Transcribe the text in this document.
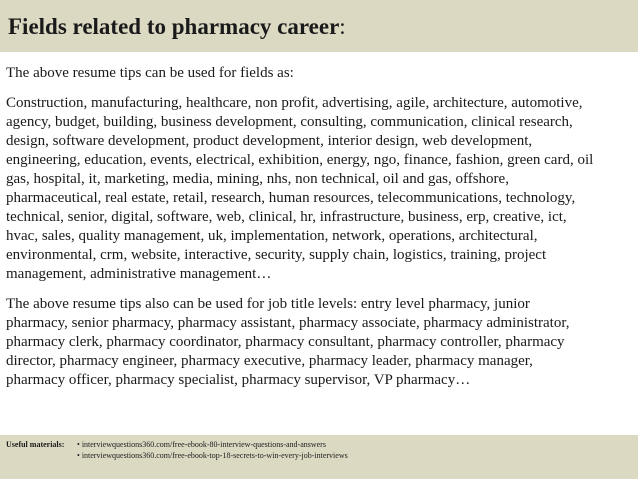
Fields related to pharmacy career:

The above resume tips can be used for fields as:

Construction, manufacturing, healthcare, non profit, advertising, agile, architecture, automotive,
agency, budget, building, business development, consulting, communication, clinical research,
design, software development, product development, interior design, web development,
engineering, education, events, electrical, exhibition, energy, ngo, finance, fashion, green card, oil
gas, hospital, it, marketing, media, mining, nhs, non technical, oil and gas, offshore,
pharmaceutical, real estate, retail, research, human resources, telecommunications, technology,
technical, senior, digital, software, web, clinical, hr, infrastructure, business, erp, creative, ict,
hvac, sales, quality management, uk, implementation, network, operations, architectural,
environmental, crm, website, interactive, security, supply chain, logistics, training, project
management, administrative management…

The above resume tips also can be used for job title levels: entry level pharmacy, junior
pharmacy, senior pharmacy, pharmacy assistant, pharmacy associate, pharmacy administrator,
pharmacy clerk, pharmacy coordinator, pharmacy consultant, pharmacy controller, pharmacy
director, pharmacy engineer, pharmacy executive, pharmacy leader, pharmacy manager,
pharmacy officer, pharmacy specialist, pharmacy supervisor, VP pharmacy…

Useful materials: • interviewquestions360.com/free-ebook-80-interview-questions-and-answers
• interviewquestions360.com/free-ebook-top-18-secrets-to-win-every-job-interviews
